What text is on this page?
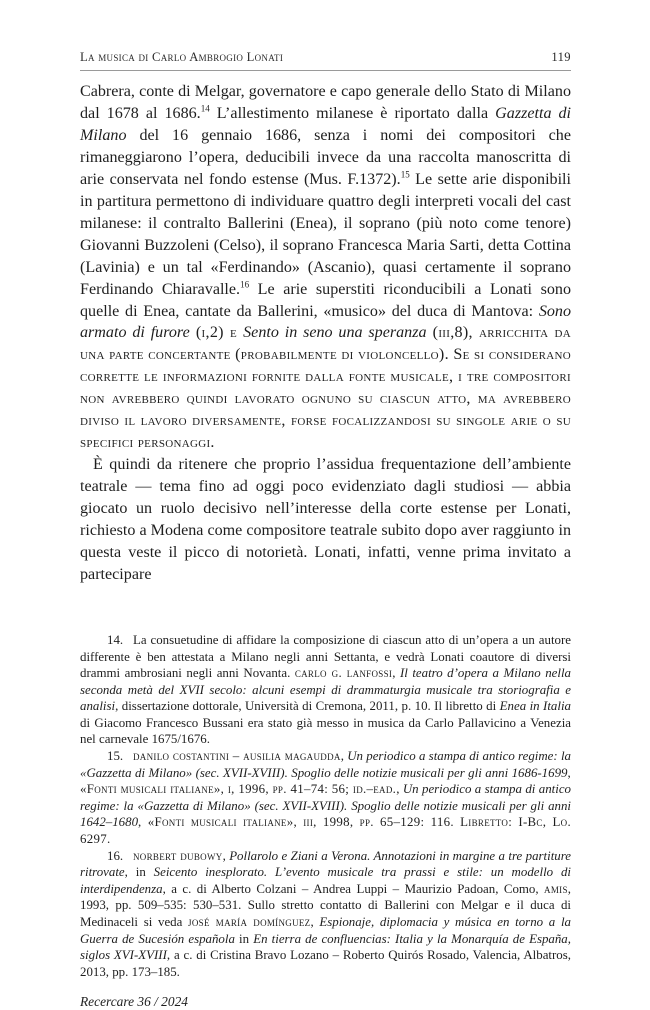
La musica di Carlo Ambrogio Lonati	119

Cabrera, conte di Melgar, governatore e capo generale dello Stato di Milano dal 1678 al 1686.14 L’allestimento milanese è riportato dalla Gazzetta di Milano del 16 gennaio 1686, senza i nomi dei compositori che rimaneggiarono l’opera, deducibili invece da una raccolta manoscritta di arie conservata nel fondo estense (Mus. F.1372).$^{15}$ Le sette arie disponibili in partitura permettono di individuare quattro degli interpreti vocali del cast milanese: il contralto Ballerini (Enea), il soprano (più noto come tenore) Giovanni Buzzoleni (Celso), il soprano Francesca Maria Sarti, detta Cottina (Lavinia) e un tal «Ferdinando» (Ascanio), quasi certamente il soprano Ferdinando Chiaravalle.$^{16}$ Le arie superstiti riconducibili a Lonati sono quelle di Enea, cantate da Ballerini, «musico» del duca di Mantova: Sono armato di furore (i,2) e Sento in seno una speranza (iii,8), arricchita da una parte concertante (probabilmente di violoncello). Se si considerano corrette le informazioni fornite dalla fonte musicale, i tre compositori non avrebbero quindi lavorato ognuno su ciascun atto, ma avrebbero diviso il lavoro diversamente, forse focalizzandosi su singole arie o su specifici personaggi.

È quindi da ritenere che proprio l’assidua frequentazione dell’ambiente teatrale — tema fino ad oggi poco evidenziato dagli studiosi — abbia giocato un ruolo decisivo nell’interesse della corte estense per Lonati, richiesto a Modena come compositore teatrale subito dopo aver raggiunto in questa veste il picco di notorietà. Lonati, infatti, venne prima invitato a partecipare

14. La consuetudine di affidare la composizione di ciascun atto di un’opera a un autore differente è ben attestata a Milano negli anni Settanta, e vedrà Lonati coautore di diversi drammi ambrosiani negli anni Novanta. carlo g. lanfossi, Il teatro d’opera a Milano nella seconda metà del XVII secolo: alcuni esempi di drammaturgia musicale tra storiografia e analisi, dissertazione dottorale, Università di Cremona, 2011, p. 10. Il libretto di Enea in Italia di Giacomo Francesco Bussani era stato già messo in musica da Carlo Pallavicino a Venezia nel carnevale 1675/1676.

15. danilo costantini – ausilia magaudda, Un periodico a stampa di antico regime: la «Gazzetta di Milano» (sec. XVII-XVIII). Spoglio delle notizie musicali per gli anni 1686-1699, «Fonti musicali italiane», i, 1996, pp. 41–74: 56; id.–ead., Un periodico a stampa di antico regime: la «Gazzetta di Milano» (sec. XVII-XVIII). Spoglio delle notizie musicali per gli anni 1642–1680, «Fonti musicali italiane», iii, 1998, pp. 65–129: 116. Libretto: I-Bc, Lo. 6297.

16. norbert dubowy, Pollarolo e Ziani a Verona. Annotazioni in margine a tre partiture ritrovate, in Seicento inesplorato. L’evento musicale tra prassi e stile: un modello di interdipendenza, a c. di Alberto Colzani – Andrea Luppi – Maurizio Padoan, Como, amis, 1993, pp. 509–535: 530–531. Sullo stretto contatto di Ballerini con Melgar e il duca di Medinaceli si veda josé maría domínguez, Espionaje, diplomacia y música en torno a la Guerra de Sucesión española in En tierra de confluencias: Italia y la Monarquía de España, siglos XVI-XVIII, a c. di Cristina Bravo Lozano – Roberto Quirós Rosado, Valencia, Albatros, 2013, pp. 173–185.

Recercare 36 / 2024
